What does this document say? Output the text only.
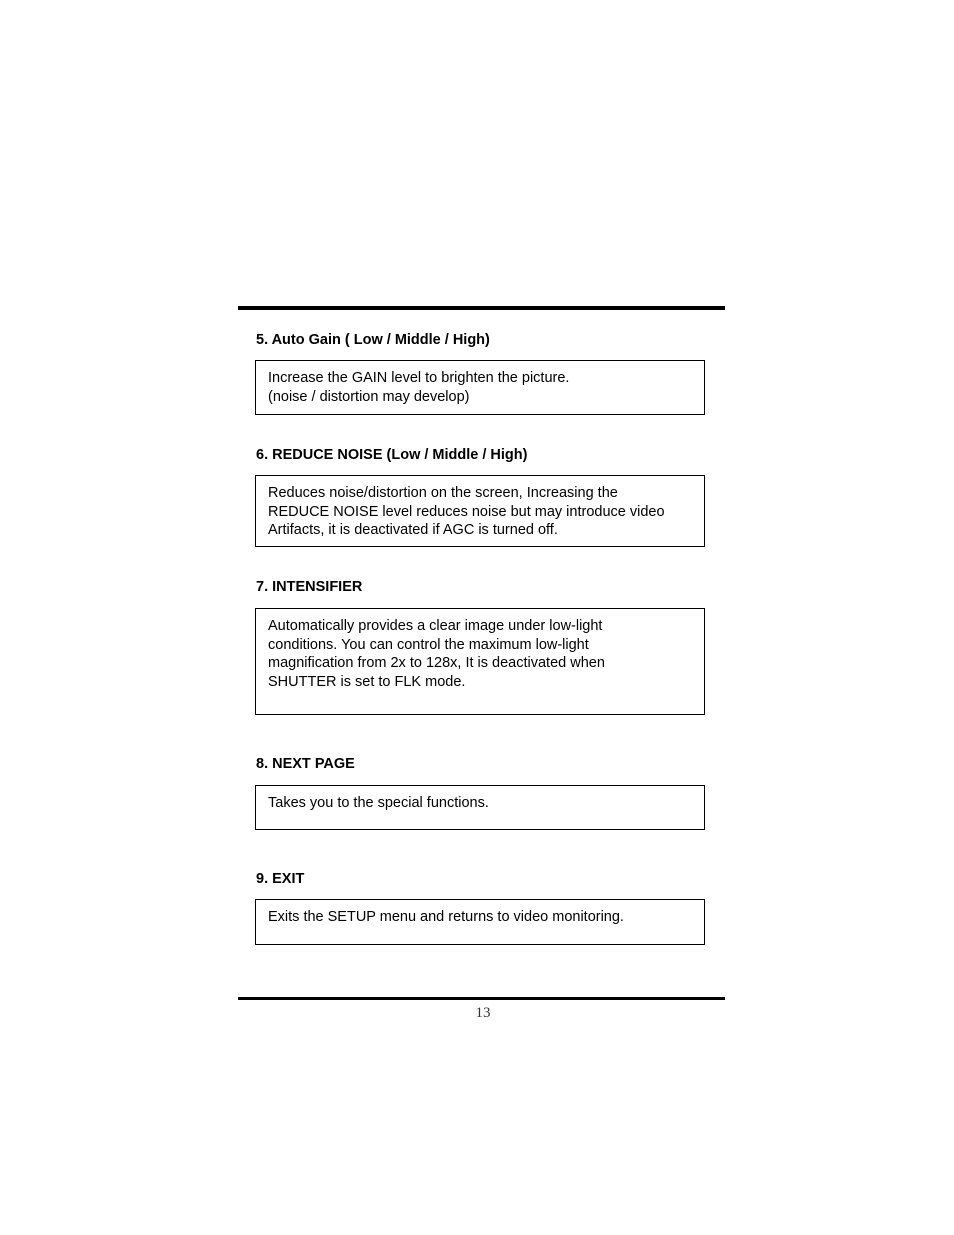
5. Auto Gain ( Low / Middle / High)

Increase the GAIN level to brighten the picture.

(noise / distortion may develop)

6. REDUCE NOISE (Low / Middle / High)

Reduces noise/distortion on the screen, Increasing the

REDUCE NOISE level reduces noise but may introduce video

Artifacts, it is deactivated if AGC is turned off.

7. INTENSIFIER

Automatically provides a clear image under low-light

conditions. You can control the maximum low-light

magnification from 2x to 128x, It is deactivated when

SHUTTER is set to FLK mode.

8. NEXT PAGE

Takes you to the special functions.

9. EXIT

Exits the SETUP menu and returns to video monitoring.

13
